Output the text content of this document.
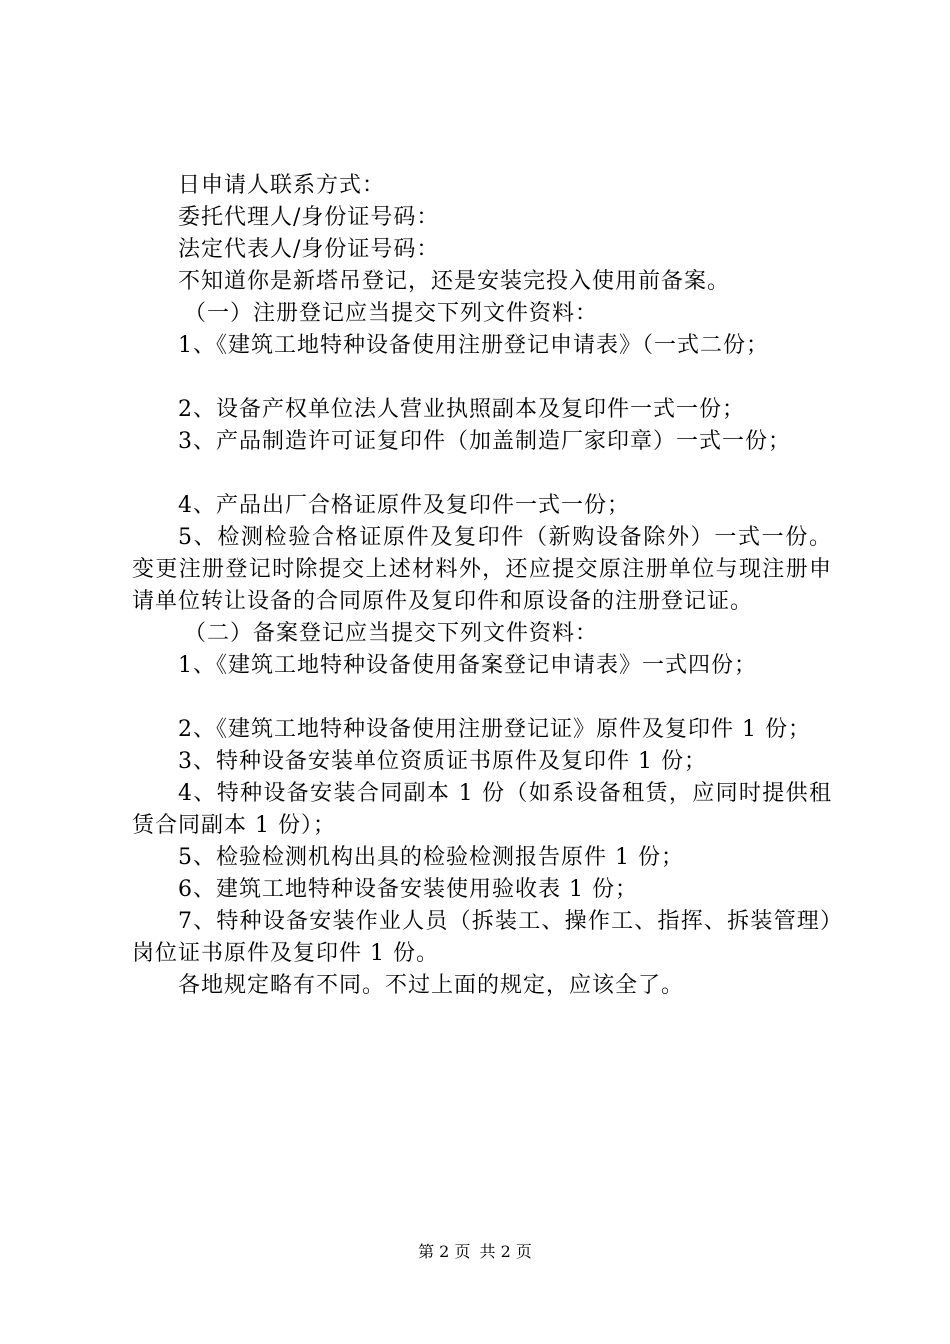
日申请人联系方式：

委托代理人/身份证号码：

法定代表人/身份证号码：

不知道你是新塔吊登记，还是安装完投入使用前备案。

（一）注册登记应当提交下列文件资料：

1、《建筑工地特种设备使用注册登记申请表》（一式二份；

2、设备产权单位法人营业执照副本及复印件一式一份；

3、产品制造许可证复印件（加盖制造厂家印章）一式一份；

4、产品出厂合格证原件及复印件一式一份；

5、检测检验合格证原件及复印件（新购设备除外）一式一份。变更注册登记时除提交上述材料外，还应提交原注册单位与现注册申请单位转让设备的合同原件及复印件和原设备的注册登记证。

（二）备案登记应当提交下列文件资料：

1、《建筑工地特种设备使用备案登记申请表》一式四份；

2、《建筑工地特种设备使用注册登记证》原件及复印件 1 份；

3、特种设备安装单位资质证书原件及复印件 1 份；

4、特种设备安装合同副本 1 份（如系设备租赁，应同时提供租赁合同副本 1 份）；

5、检验检测机构出具的检验检测报告原件 1 份；

6、建筑工地特种设备安装使用验收表 1 份；

7、特种设备安装作业人员（拆装工、操作工、指挥、拆装管理）岗位证书原件及复印件 1 份。

各地规定略有不同。不过上面的规定，应该全了。

第 2 页 共 2 页
